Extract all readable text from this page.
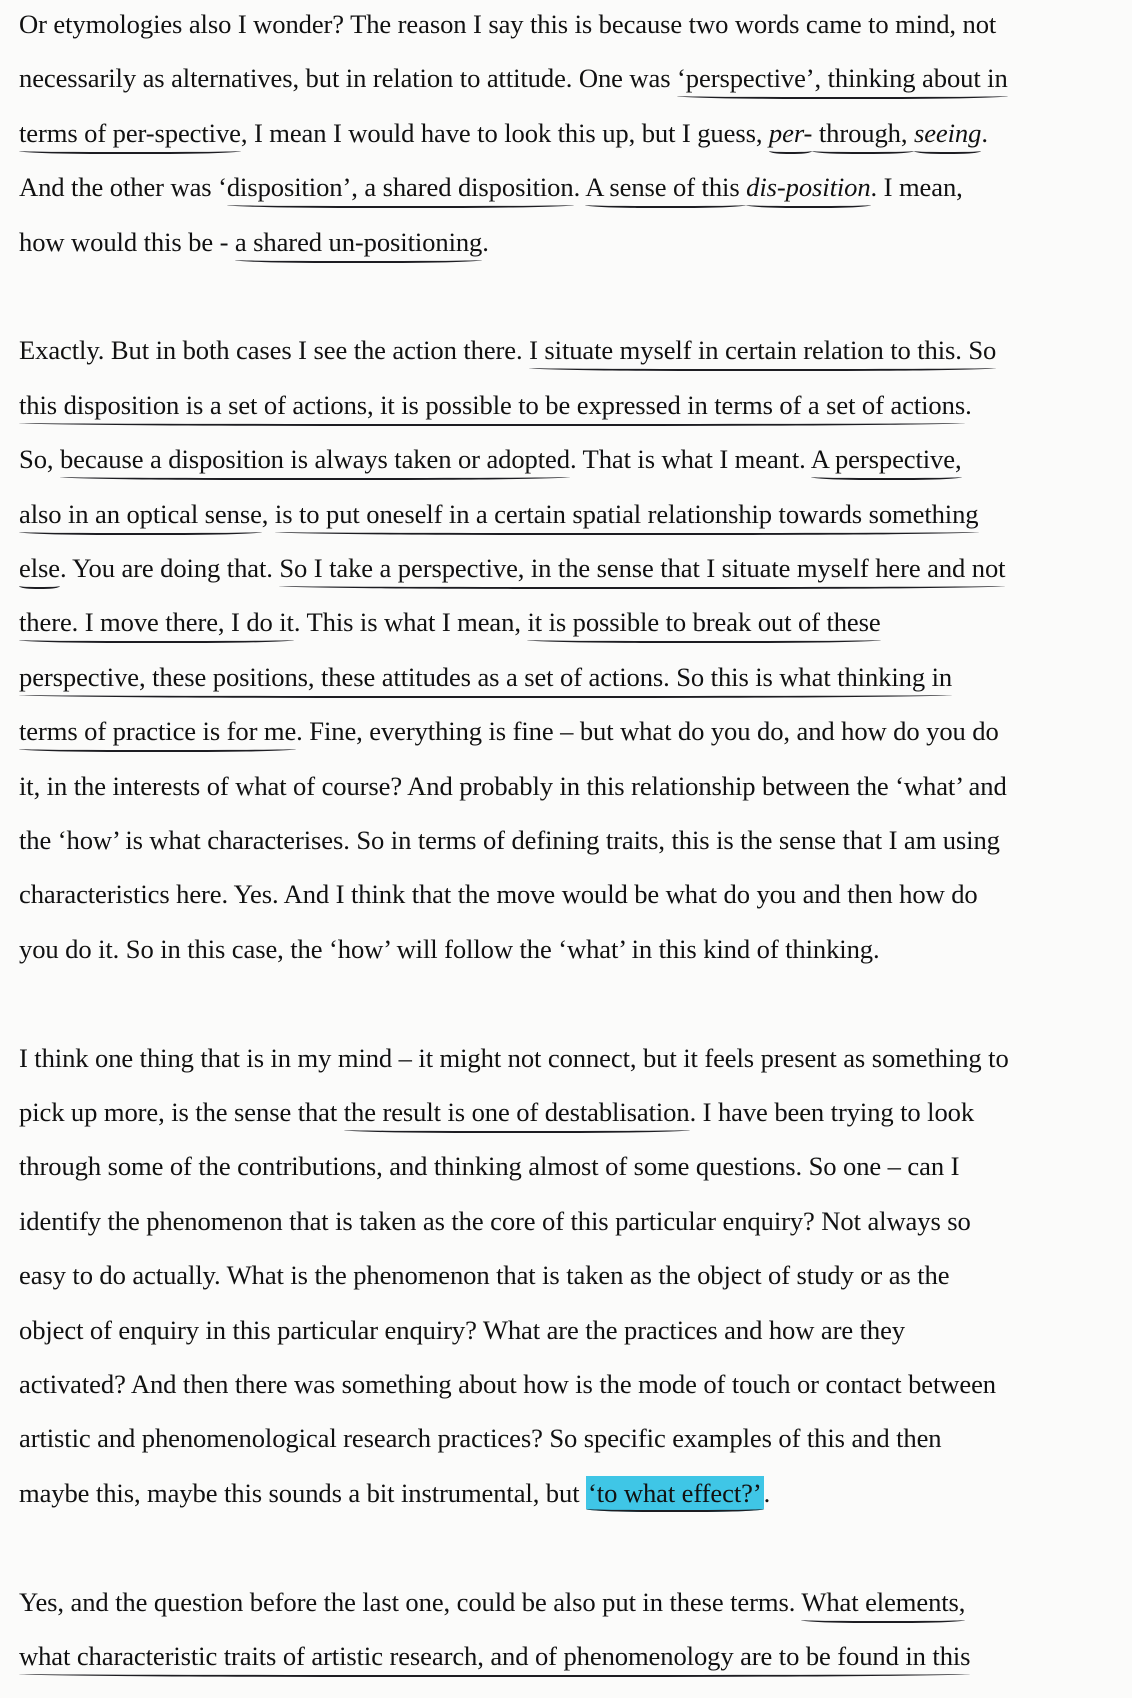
Or etymologies also I wonder? The reason I say this is because two words came to mind, not
necessarily as alternatives, but in relation to attitude. One was ‘perspective’, thinking about in
terms of per-spective, I mean I would have to look this up, but I guess, per- through, seeing.
And the other was ‘disposition’, a shared disposition. A sense of this dis-position. I mean,
how would this be - a shared un-positioning.
Exactly. But in both cases I see the action there. I situate myself in certain relation to this. So
this disposition is a set of actions, it is possible to be expressed in terms of a set of actions.
So, because a disposition is always taken or adopted. That is what I meant. A perspective,
also in an optical sense, is to put oneself in a certain spatial relationship towards something
else. You are doing that. So I take a perspective, in the sense that I situate myself here and not
there. I move there, I do it. This is what I mean, it is possible to break out of these
perspective, these positions, these attitudes as a set of actions. So this is what thinking in
terms of practice is for me. Fine, everything is fine – but what do you do, and how do you do
it, in the interests of what of course? And probably in this relationship between the ‘what’ and
the ‘how’ is what characterises. So in terms of defining traits, this is the sense that I am using
characteristics here. Yes. And I think that the move would be what do you and then how do
you do it. So in this case, the ‘how’ will follow the ‘what’ in this kind of thinking.
I think one thing that is in my mind – it might not connect, but it feels present as something to
pick up more, is the sense that the result is one of destablisation. I have been trying to look
through some of the contributions, and thinking almost of some questions. So one – can I
identify the phenomenon that is taken as the core of this particular enquiry? Not always so
easy to do actually. What is the phenomenon that is taken as the object of study or as the
object of enquiry in this particular enquiry? What are the practices and how are they
activated? And then there was something about how is the mode of touch or contact between
artistic and phenomenological research practices? So specific examples of this and then
maybe this, maybe this sounds a bit instrumental, but ‘to what effect?’.
Yes, and the question before the last one, could be also put in these terms. What elements,
what characteristic traits of artistic research, and of phenomenology are to be found in this
